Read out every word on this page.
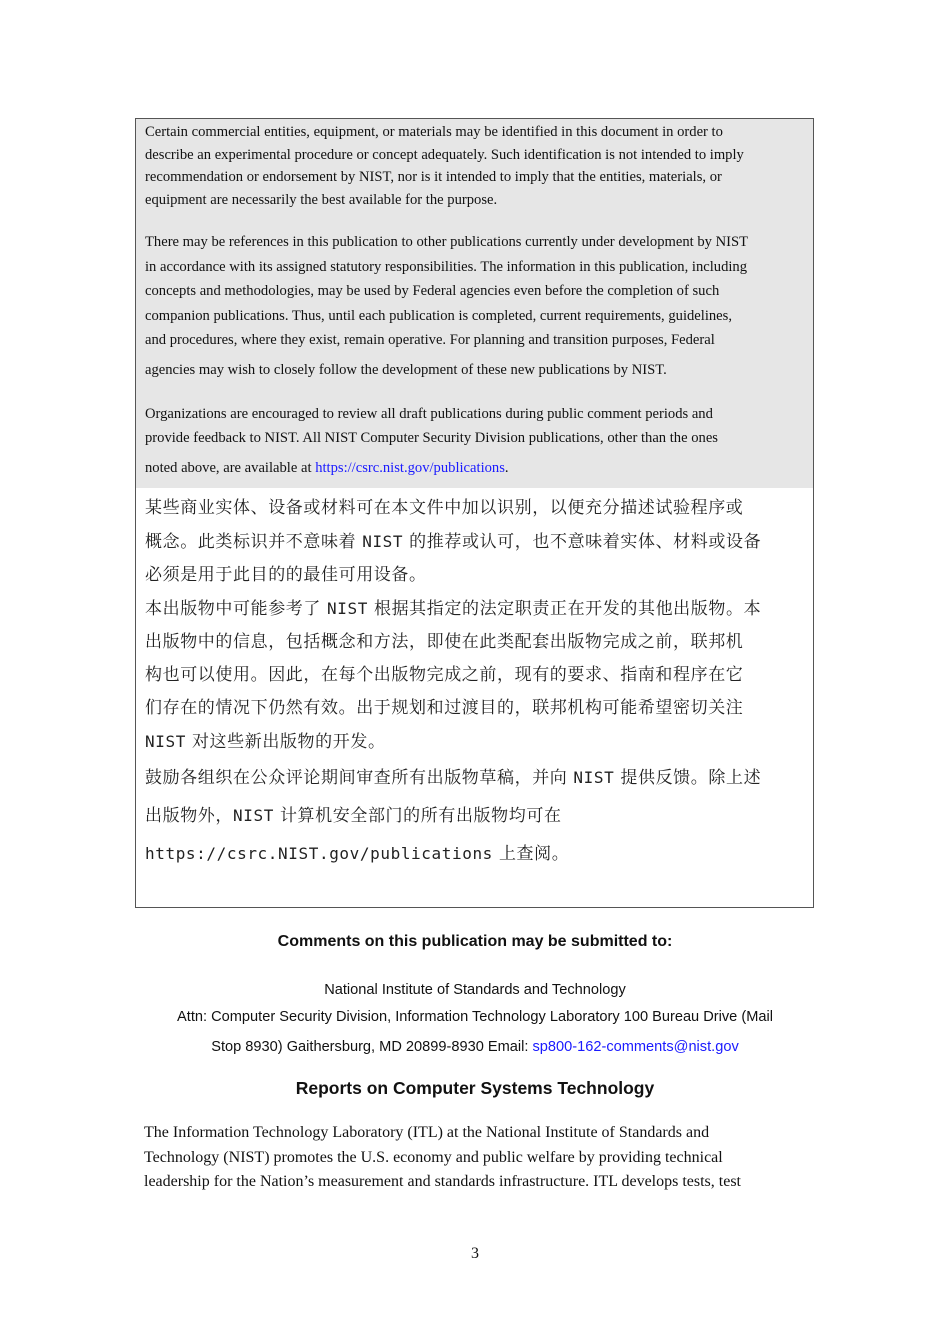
Certain commercial entities, equipment, or materials may be identified in this document in order to
describe an experimental procedure or concept adequately. Such identification is not intended to imply
recommendation or endorsement by NIST, nor is it intended to imply that the entities, materials, or
equipment are necessarily the best available for the purpose.

There may be references in this publication to other publications currently under development by NIST
in accordance with its assigned statutory responsibilities. The information in this publication, including
concepts and methodologies, may be used by Federal agencies even before the completion of such
companion publications. Thus, until each publication is completed, current requirements, guidelines,
and procedures, where they exist, remain operative. For planning and transition purposes, Federal
agencies may wish to closely follow the development of these new publications by NIST.

Organizations are encouraged to review all draft publications during public comment periods and
provide feedback to NIST. All NIST Computer Security Division publications, other than the ones
noted above, are available at https://csrc.nist.gov/publications.

某些商业实体、设备或材料可在本文件中加以识别，以便充分描述试验程序或

概念。此类标识并不意味着 NIST 的推荐或认可，也不意味着实体、材料或设备

必须是用于此目的的最佳可用设备。

本出版物中可能参考了 NIST 根据其指定的法定职责正在开发的其他出版物。本

出版物中的信息，包括概念和方法，即使在此类配套出版物完成之前，联邦机

构也可以使用。因此，在每个出版物完成之前，现有的要求、指南和程序在它

们存在的情况下仍然有效。出于规划和过渡目的，联邦机构可能希望密切关注

NIST 对这些新出版物的开发。

鼓励各组织在公众评论期间审查所有出版物草稿，并向 NIST 提供反馈。除上述

出版物外，NIST 计算机安全部门的所有出版物均可在

https://csrc.NIST.gov/publications 上查阅。

Comments on this publication may be submitted to:
National Institute of Standards and Technology
Attn: Computer Security Division, Information Technology Laboratory 100 Bureau Drive (Mail
Stop 8930) Gaithersburg, MD 20899-8930 Email: sp800-162-comments@nist.gov
Reports on Computer Systems Technology

The Information Technology Laboratory (ITL) at the National Institute of Standards and
Technology (NIST) promotes the U.S. economy and public welfare by providing technical
leadership for the Nation’s measurement and standards infrastructure. ITL develops tests, test

3
